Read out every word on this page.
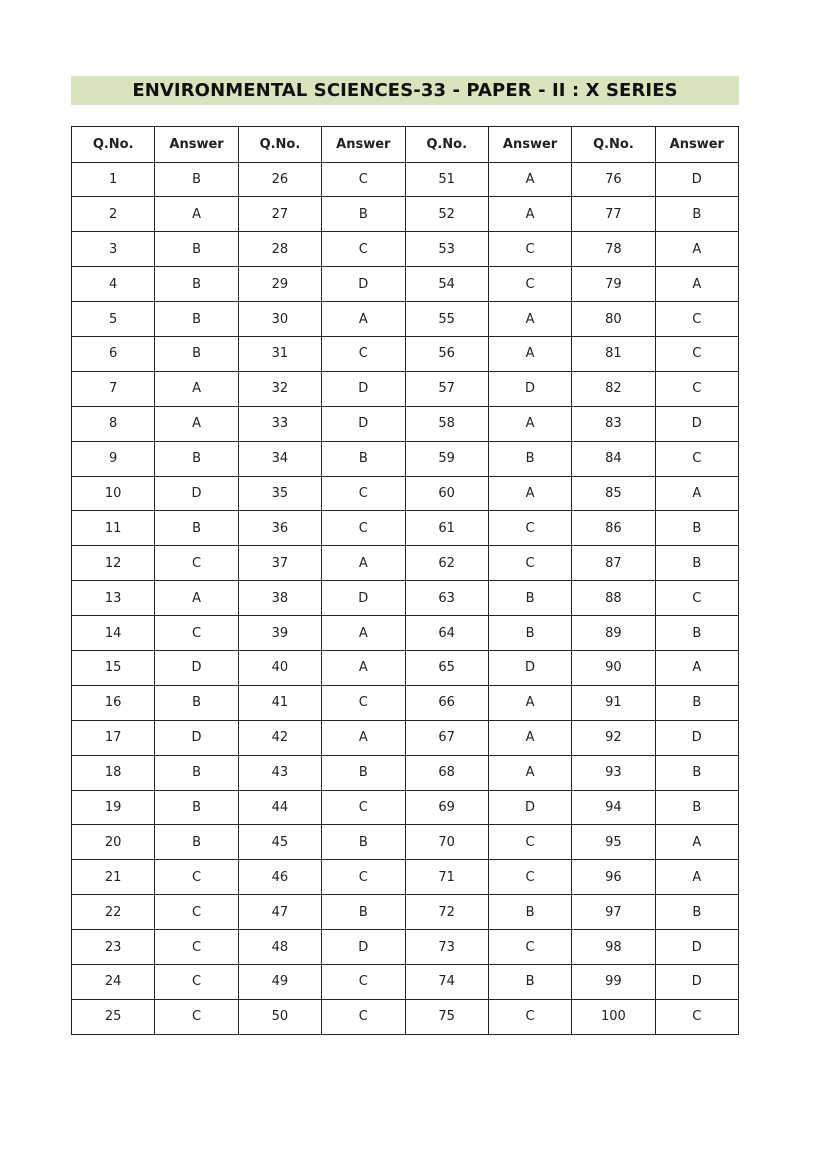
ENVIRONMENTAL SCIENCES-33 - PAPER - II : X SERIES
Q.No.	Answer	Q.No.	Answer	Q.No.	Answer	Q.No.	Answer
1	B	26	C	51	A	76	D
2	A	27	B	52	A	77	B
3	B	28	C	53	C	78	A
4	B	29	D	54	C	79	A
5	B	30	A	55	A	80	C
6	B	31	C	56	A	81	C
7	A	32	D	57	D	82	C
8	A	33	D	58	A	83	D
9	B	34	B	59	B	84	C
10	D	35	C	60	A	85	A
11	B	36	C	61	C	86	B
12	C	37	A	62	C	87	B
13	A	38	D	63	B	88	C
14	C	39	A	64	B	89	B
15	D	40	A	65	D	90	A
16	B	41	C	66	A	91	B
17	D	42	A	67	A	92	D
18	B	43	B	68	A	93	B
19	B	44	C	69	D	94	B
20	B	45	B	70	C	95	A
21	C	46	C	71	C	96	A
22	C	47	B	72	B	97	B
23	C	48	D	73	C	98	D
24	C	49	C	74	B	99	D
25	C	50	C	75	C	100	C
